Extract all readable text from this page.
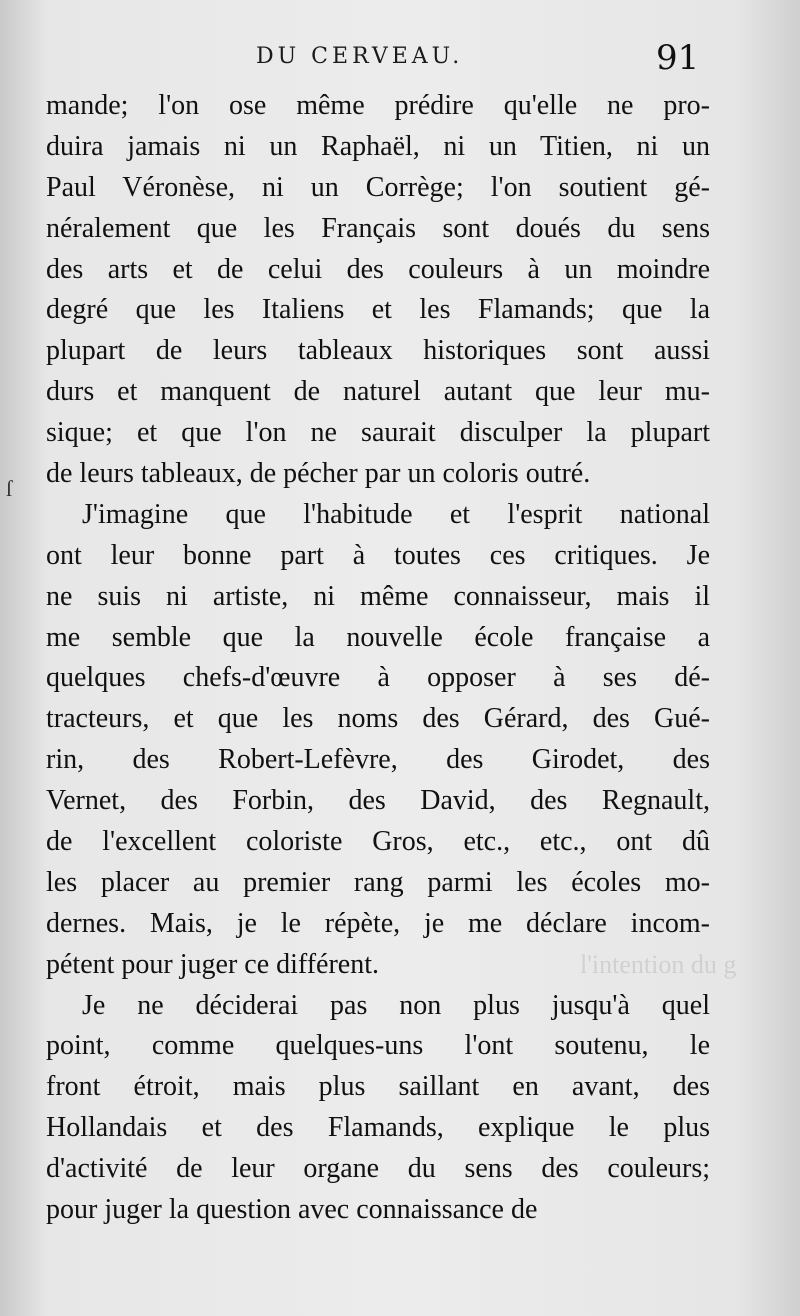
l'intention du g
DU CERVEAU.	91
ſ
mande; l'on ose même prédire qu'elle ne pro-
duira jamais ni un Raphaël, ni un Titien, ni un
Paul Véronèse, ni un Corrège; l'on soutient gé-
néralement que les Français sont doués du sens
des arts et de celui des couleurs à un moindre
degré que les Italiens et les Flamands; que la
plupart de leurs tableaux historiques sont aussi
durs et manquent de naturel autant que leur mu-
sique; et que l'on ne saurait disculper la plupart
de leurs tableaux, de pécher par un coloris outré.
J'imagine que l'habitude et l'esprit national
ont leur bonne part à toutes ces critiques. Je
ne suis ni artiste, ni même connaisseur, mais il
me semble que la nouvelle école française a
quelques chefs-d'œuvre à opposer à ses dé-
tracteurs, et que les noms des Gérard, des Gué-
rin, des Robert-Lefèvre, des Girodet, des
Vernet, des Forbin, des David, des Regnault,
de l'excellent coloriste Gros, etc., etc., ont dû
les placer au premier rang parmi les écoles mo-
dernes. Mais, je le répète, je me déclare incom-
pétent pour juger ce différent.
Je ne déciderai pas non plus jusqu'à quel
point, comme quelques-uns l'ont soutenu, le
front étroit, mais plus saillant en avant, des
Hollandais et des Flamands, explique le plus
d'activité de leur organe du sens des couleurs;
pour juger la question avec connaissance de
